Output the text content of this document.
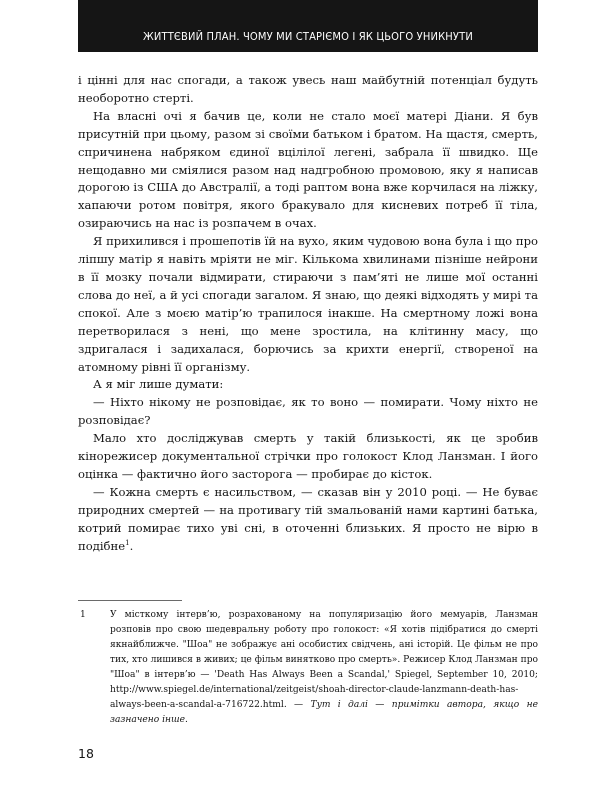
ЖИТТЄВИЙ ПЛАН. ЧОМУ МИ СТАРІЄМО І ЯК ЦЬОГО УНИКНУТИ

і цінні для нас спогади, а також увесь наш майбутній потенціал будуть необоротно стерті.

На власні очі я бачив це, коли не стало моєї матері Діани. Я був присутній при цьому, разом зі своїми батьком і братом. На щастя, смерть, спричинена набряком єдиної вцілілої легені, забрала її швидко. Ще нещодавно ми сміялися разом над надгробною промовою, яку я написав дорогою із США до Австралії, а тоді раптом вона вже корчилася на ліжку, хапаючи ротом повітря, якого бракувало для кисневих потреб її тіла, озираючись на нас із розпачем в очах.

Я прихилився і прошепотів їй на вухо, яким чудовою вона була і що про ліпшу матір я навіть мріяти не міг. Кількома хвилинами пізніше нейрони в її мозку почали відмирати, стираючи з пам’яті не лише мої останні слова до неї, а й усі спогади загалом. Я знаю, що деякі відходять у мирі та спокої. Але з моєю матір’ю трапилося інакше. На смертному ложі вона перетворилася з нені, що мене зростила, на клітинну масу, що здригалася і задихалася, борючись за крихти енергії, створеної на атомному рівні її організму.

А я міг лише думати:

— Ніхто нікому не розповідає, як то воно — помирати. Чому ніхто не розповідає?

Мало хто досліджував смерть у такій близькості, як це зробив кінорежисер документальної стрічки про голокост Клод Ланзман. І його оцінка — фактично його засторога — пробирає до кісток.

— Кожна смерть є насильством, — сказав він у 2010 році. — Не буває природних смертей — на противагу тій змальованій нами картині батька, котрий помирає тихо уві сні, в оточенні близьких. Я просто не вірю в подібне$^1$.

1	У місткому інтерв’ю, розрахованому на популяризацію його мемуарів, Ланзман розповів про свою шедевральну роботу про голокост: «Я хотів підібратися до смерті якнайближче. "Шоа" не зображує ані особистих свідчень, ані історій. Це фільм не про тих, хто лишився в живих; це фільм винятково про смерть». Режисер Клод Ланзман про "Шоа" в інтерв’ю — 'Death Has Always Been a Scandal,' Spiegel, September 10, 2010; http://www.spiegel.de/international/zeitgeist/shoah-director-claude-lanzmann-death-has-always-been-a-scandal-a-716722.html. — Тут і далі — примітки автора, якщо не зазначено інше.
18
